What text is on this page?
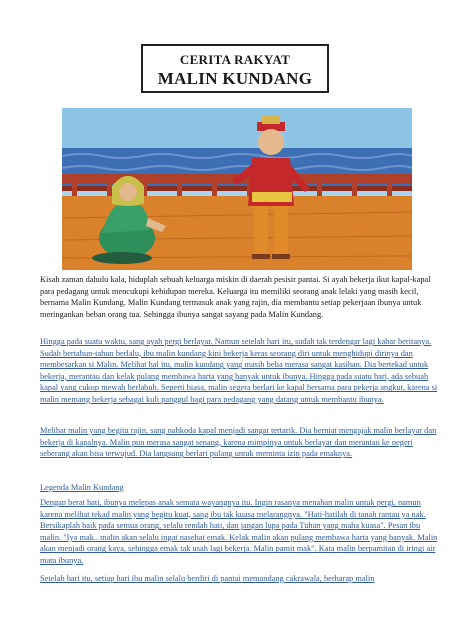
CERITA RAKYAT
MALIN KUNDANG

Kisah zaman dahulu kala, hiduplah sebuah keluarga miskin di daerah pesisir pantai. Si ayah bekerja ikut kapal-kapal para pedagang untuk mencukupi kehidupan mereka. Keluarga itu memiliki seorang anak lelaki yang masih kecil, bernama Malin Kundang. Malin Kundang termasuk anak yang rajin, dia membantu setiap pekerjaan ibunya untuk meringankan beban orang tua. Sehingga ibunya sangat sayang pada Malin Kundang.

Hingga pada suatu waktu, sang ayah pergi berlayar. Namun setelah hari itu, sudah tak terdengar lagi kabar beritanya. Sudah bertahun-tahun berlalu, ibu malin kundang kini bekerja keras seorang diri untuk menghidupi dirinya dan membesarkan si Malin. Melihat hal itu, malin kundang yang masih belia merasa sangat kasihan. Dia bertekad untuk bekerja, merantau dan kelak pulang membawa harta yang banyak untuk ibunya. Hingga pada suatu hari, ada sebuah kapal yang cukup mewah berlabuh. Seperti biasa, malin segera berlari ke kapal bersama para pekerja angkut, karena si malin memang bekerja sebagai kuli panggul bagi para pedagang yang datang untuk membantu ibunya.

Melihat malin yang begitu rajin, sang nahkoda kapal menjadi sangat tertarik. Dia berniat mengajak malin berlayar dan bekerja di kapalnya. Malin pun merasa sangat senang, karena mimpinya untuk berlayar dan merantau ke negeri seberang akan bisa terwujud. Dia langsung berlari pulang untuk meminta izin pada emaknya.

Legenda Malin Kundang

Dengan berat hati, ibunya melepas anak semata wayangnya itu. Ingin rasanya menahan malin untuk pergi, namun karena melihat tekad malin yang begitu kuat, sang ibu tak kuasa melarangnya. "Hati-hatilah di tanah rantau ya nak. Bersikaplah baik pada semua orang, selalu rendah hati, dan jangan lupa pada Tuhan yang maha kuasa". Pesan ibu malin. "Iya mak.. malin akan selalu ingat nasehat emak. Kelak malin akan pulang membawa harta yang banyak. Malin akan menjadi orang kaya, sehingga emak tak usah lagi bekerja. Malin pamit mak". Kata malin berpamitan di iringi air mata ibunya.

Setelah hari itu, setiap hari ibu malin selalu berdiri di pantai memandang cakrawala, berharap malin
